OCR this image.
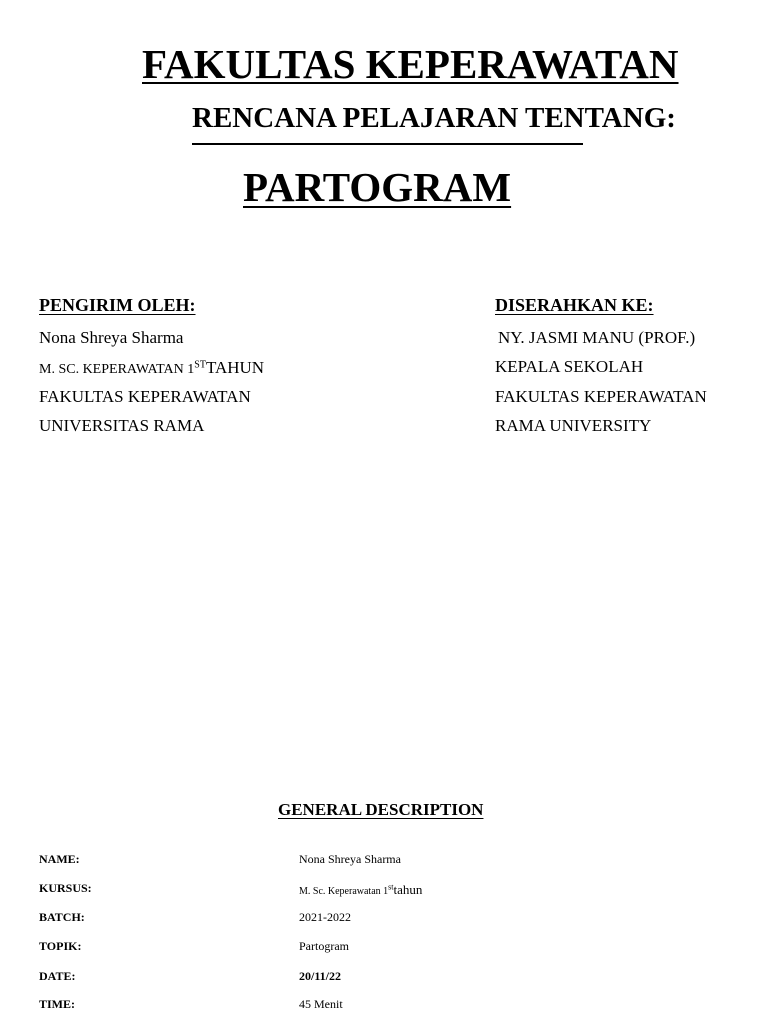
FAKULTAS KEPERAWATAN
RENCANA PELAJARAN TENTANG:
PARTOGRAM
PENGIRIM OLEH:
Nona Shreya Sharma
M. SC. KEPERAWATAN 1STTAHUN
FAKULTAS KEPERAWATAN
UNIVERSITAS RAMA
DISERAHKAN KE:
NY. JASMI MANU (PROF.)
KEPALA SEKOLAH
FAKULTAS KEPERAWATAN
RAMA UNIVERSITY
GENERAL DESCRIPTION
NAME:	Nona Shreya Sharma
KURSUS:	M. Sc. Keperawatan 1sttahun
BATCH:	2021-2022
TOPIK:	Partogram
DATE:	20/11/22
TIME:	45 Menit
